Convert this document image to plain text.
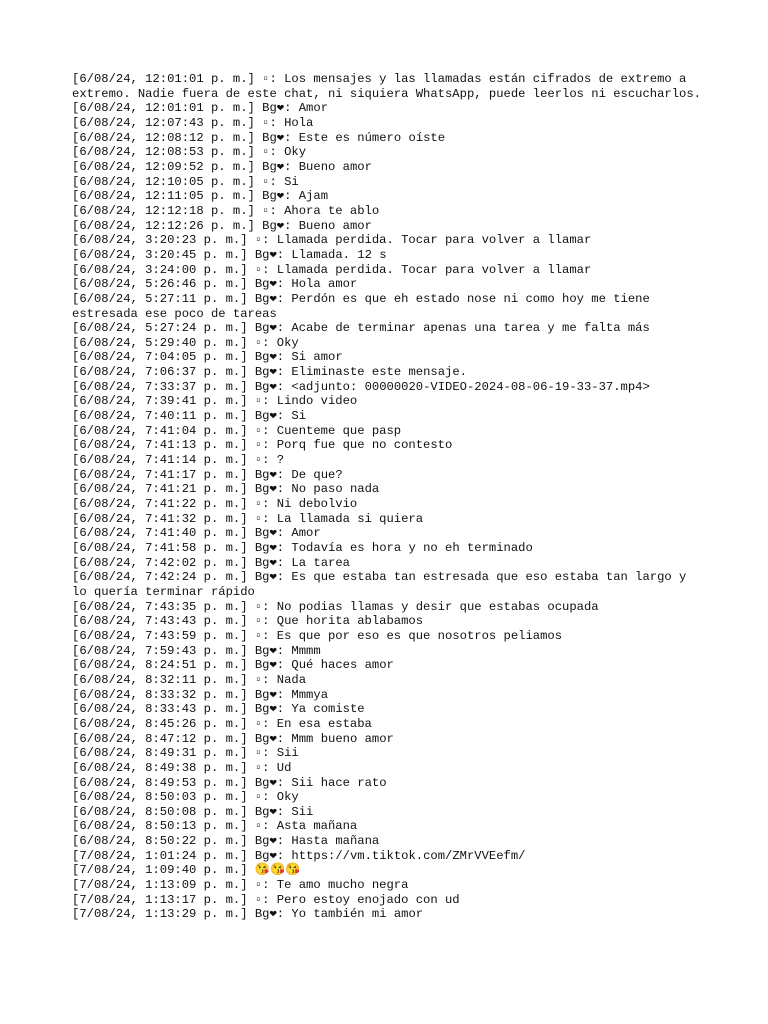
[6/08/24, 12:01:01 p. m.] ▫: Los mensajes y las llamadas están cifrados de extremo a extremo. Nadie fuera de este chat, ni siquiera WhatsApp, puede leerlos ni escucharlos.
[6/08/24, 12:01:01 p. m.] Bg❤: Amor
[6/08/24, 12:07:43 p. m.] ▫: Hola
[6/08/24, 12:08:12 p. m.] Bg❤: Este es número oíste
[6/08/24, 12:08:53 p. m.] ▫: Oky
[6/08/24, 12:09:52 p. m.] Bg❤: Bueno amor
[6/08/24, 12:10:05 p. m.] ▫: Si
[6/08/24, 12:11:05 p. m.] Bg❤: Ajam
[6/08/24, 12:12:18 p. m.] ▫: Ahora te ablo
[6/08/24, 12:12:26 p. m.] Bg❤: Bueno amor
[6/08/24, 3:20:23 p. m.] ▫: Llamada perdida. Tocar para volver a llamar
[6/08/24, 3:20:45 p. m.] Bg❤: Llamada. 12 s
[6/08/24, 3:24:00 p. m.] ▫: Llamada perdida. Tocar para volver a llamar
[6/08/24, 5:26:46 p. m.] Bg❤: Hola amor
[6/08/24, 5:27:11 p. m.] Bg❤: Perdón es que eh estado nose ni como hoy me tiene estresada ese poco de tareas
[6/08/24, 5:27:24 p. m.] Bg❤: Acabe de terminar apenas una tarea y me falta más
[6/08/24, 5:29:40 p. m.] ▫: Oky
[6/08/24, 7:04:05 p. m.] Bg❤: Si amor
[6/08/24, 7:06:37 p. m.] Bg❤: Eliminaste este mensaje.
[6/08/24, 7:33:37 p. m.] Bg❤: <adjunto: 00000020-VIDEO-2024-08-06-19-33-37.mp4>
[6/08/24, 7:39:41 p. m.] ▫: Lindo video
[6/08/24, 7:40:11 p. m.] Bg❤: Si
[6/08/24, 7:41:04 p. m.] ▫: Cuenteme que pasp
[6/08/24, 7:41:13 p. m.] ▫: Porq fue que no contesto
[6/08/24, 7:41:14 p. m.] ▫: ?
[6/08/24, 7:41:17 p. m.] Bg❤: De que?
[6/08/24, 7:41:21 p. m.] Bg❤: No paso nada
[6/08/24, 7:41:22 p. m.] ▫: Ni debolvio
[6/08/24, 7:41:32 p. m.] ▫: La llamada si quiera
[6/08/24, 7:41:40 p. m.] Bg❤: Amor
[6/08/24, 7:41:58 p. m.] Bg❤: Todavía es hora y no eh terminado
[6/08/24, 7:42:02 p. m.] Bg❤: La tarea
[6/08/24, 7:42:24 p. m.] Bg❤: Es que estaba tan estresada que eso estaba tan largo y lo quería terminar rápido
[6/08/24, 7:43:35 p. m.] ▫: No podias llamas y desir que estabas ocupada
[6/08/24, 7:43:43 p. m.] ▫: Que horita ablabamos
[6/08/24, 7:43:59 p. m.] ▫: Es que por eso es que nosotros peliamos
[6/08/24, 7:59:43 p. m.] Bg❤: Mmmm
[6/08/24, 8:24:51 p. m.] Bg❤: Qué haces amor
[6/08/24, 8:32:11 p. m.] ▫: Nada
[6/08/24, 8:33:32 p. m.] Bg❤: Mmmya
[6/08/24, 8:33:43 p. m.] Bg❤: Ya comiste
[6/08/24, 8:45:26 p. m.] ▫: En esa estaba
[6/08/24, 8:47:12 p. m.] Bg❤: Mmm bueno amor
[6/08/24, 8:49:31 p. m.] ▫: Sii
[6/08/24, 8:49:38 p. m.] ▫: Ud
[6/08/24, 8:49:53 p. m.] Bg❤: Sii hace rato
[6/08/24, 8:50:03 p. m.] ▫: Oky
[6/08/24, 8:50:08 p. m.] Bg❤: Sii
[6/08/24, 8:50:13 p. m.] ▫: Asta mañana
[6/08/24, 8:50:22 p. m.] Bg❤: Hasta mañana
[7/08/24, 1:01:24 p. m.] Bg❤: https://vm.tiktok.com/ZMrVVEefm/
[7/08/24, 1:09:40 p. m.] 😘😘😘
[7/08/24, 1:13:09 p. m.] ▫: Te amo mucho negra
[7/08/24, 1:13:17 p. m.] ▫: Pero estoy enojado con ud
[7/08/24, 1:13:29 p. m.] Bg❤: Yo también mi amor
